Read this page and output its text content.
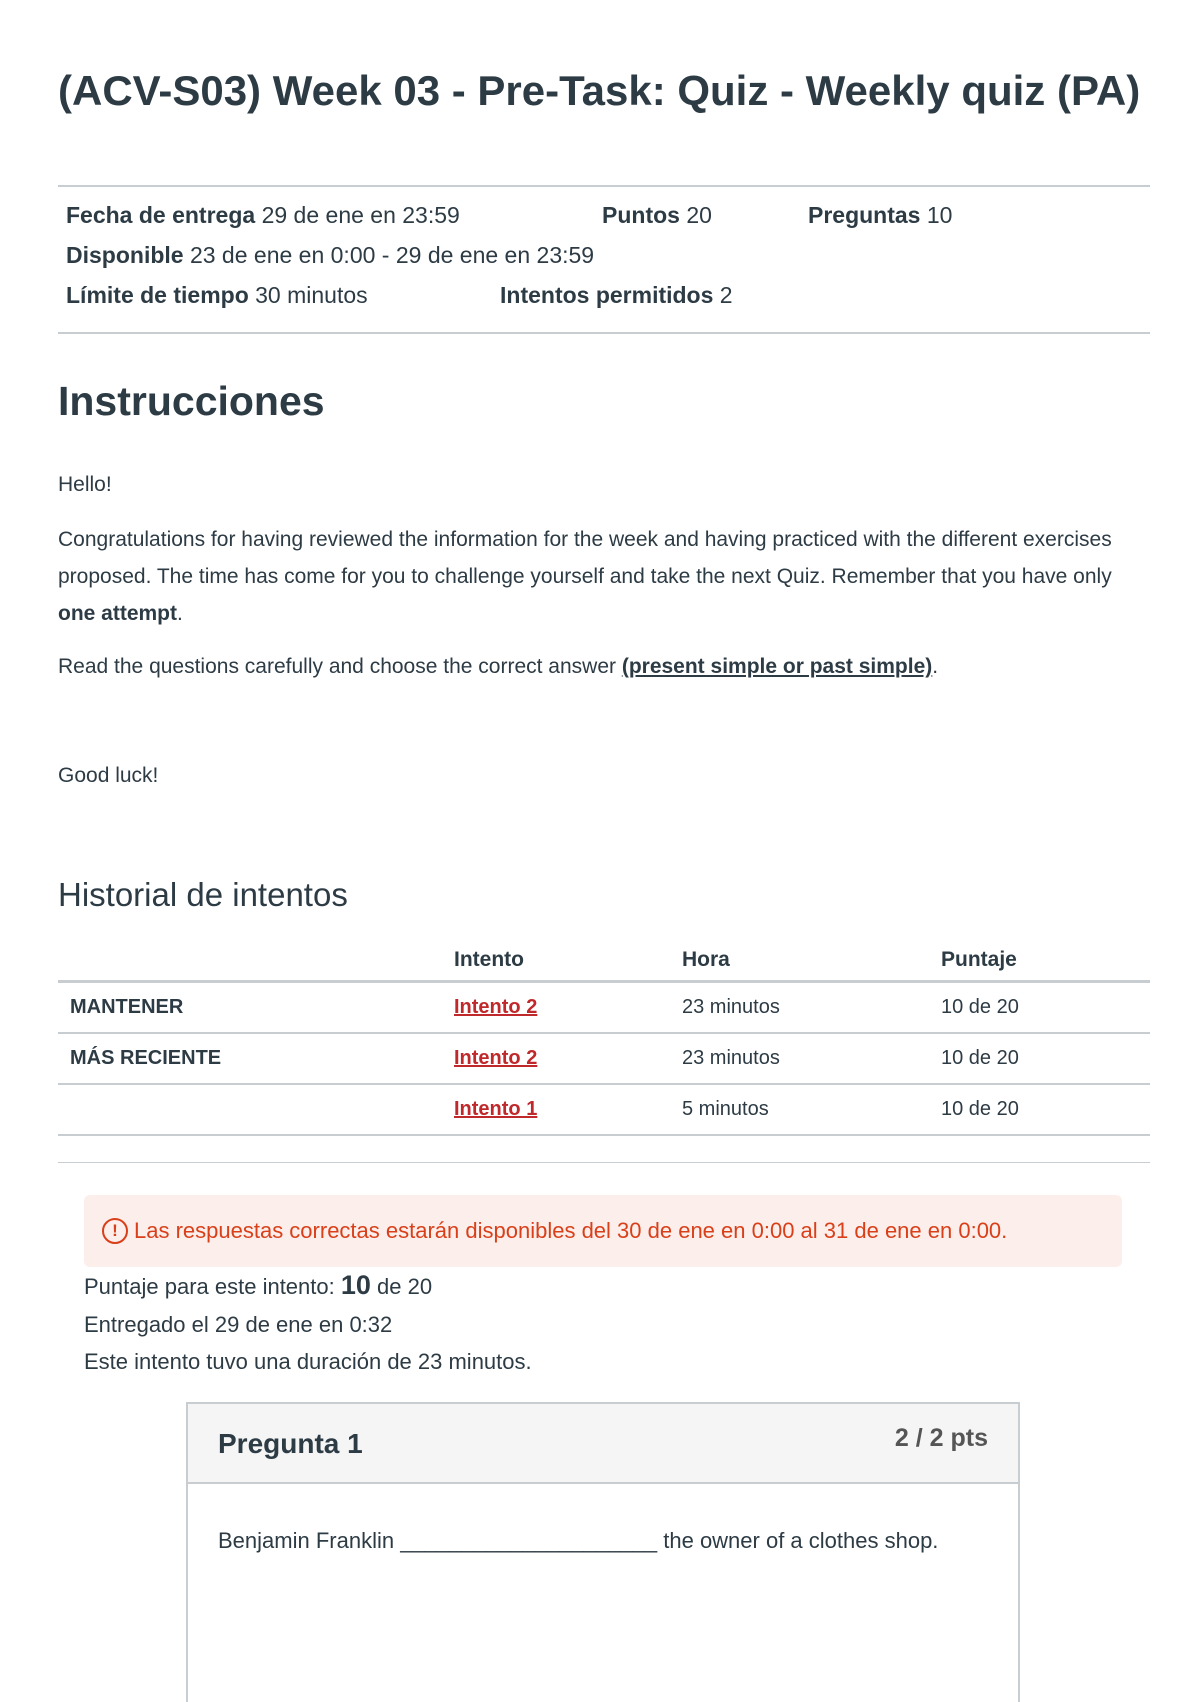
(ACV-S03) Week 03 - Pre-Task: Quiz - Weekly quiz (PA)
Fecha de entrega 29 de ene en 23:59	Puntos 20	Preguntas 10
Disponible 23 de ene en 0:00 - 29 de ene en 23:59
Límite de tiempo 30 minutos	Intentos permitidos 2
Instrucciones

Hello!

Congratulations for having reviewed the information for the week and having practiced with the different exercises proposed. The time has come for you to challenge yourself and take the next Quiz. Remember that you have only one attempt.

Read the questions carefully and choose the correct answer (present simple or past simple).

Good luck!

Historial de intentos
	Intento	Hora	Puntaje
MANTENER	Intento 2	23 minutos	10 de 20
MÁS RECIENTE	Intento 2	23 minutos	10 de 20
	Intento 1	5 minutos	10 de 20
! Las respuestas correctas estarán disponibles del 30 de ene en 0:00 al 31 de ene en 0:00.
Puntaje para este intento: 10 de 20
Entregado el 29 de ene en 0:32
Este intento tuvo una duración de 23 minutos.
Pregunta 1	2 / 2 pts
Benjamin Franklin _____________________ the owner of a clothes shop.
